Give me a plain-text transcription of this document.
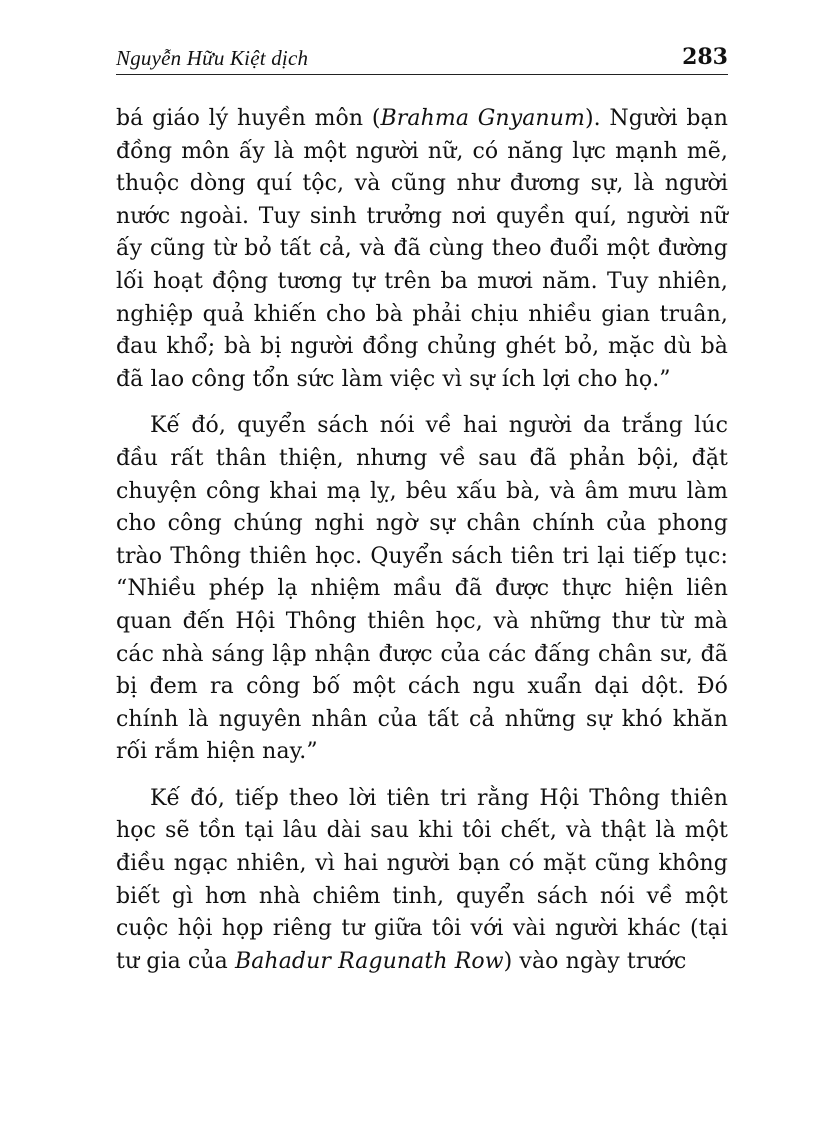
Nguyễn Hữu Kiệt dịch	283

bá giáo lý huyền môn (Brahma Gnyanum). Người bạn đồng môn ấy là một người nữ, có năng lực mạnh mẽ, thuộc dòng quí tộc, và cũng như đương sự, là người nước ngoài. Tuy sinh trưởng nơi quyền quí, người nữ ấy cũng từ bỏ tất cả, và đã cùng theo đuổi một đường lối hoạt động tương tự trên ba mươi năm. Tuy nhiên, nghiệp quả khiến cho bà phải chịu nhiều gian truân, đau khổ; bà bị người đồng chủng ghét bỏ, mặc dù bà đã lao công tổn sức làm việc vì sự ích lợi cho họ.”

Kế đó, quyển sách nói về hai người da trắng lúc đầu rất thân thiện, nhưng về sau đã phản bội, đặt chuyện công khai mạ lỵ, bêu xấu bà, và âm mưu làm cho công chúng nghi ngờ sự chân chính của phong trào Thông thiên học. Quyển sách tiên tri lại tiếp tục: “Nhiều phép lạ nhiệm mầu đã được thực hiện liên quan đến Hội Thông thiên học, và những thư từ mà các nhà sáng lập nhận được của các đấng chân sư, đã bị đem ra công bố một cách ngu xuẩn dại dột. Đó chính là nguyên nhân của tất cả những sự khó khăn rối rắm hiện nay.”

Kế đó, tiếp theo lời tiên tri rằng Hội Thông thiên học sẽ tồn tại lâu dài sau khi tôi chết, và thật là một điều ngạc nhiên, vì hai người bạn có mặt cũng không biết gì hơn nhà chiêm tinh, quyển sách nói về một cuộc hội họp riêng tư giữa tôi với vài người khác (tại tư gia của Bahadur Ragunath Row) vào ngày trước
